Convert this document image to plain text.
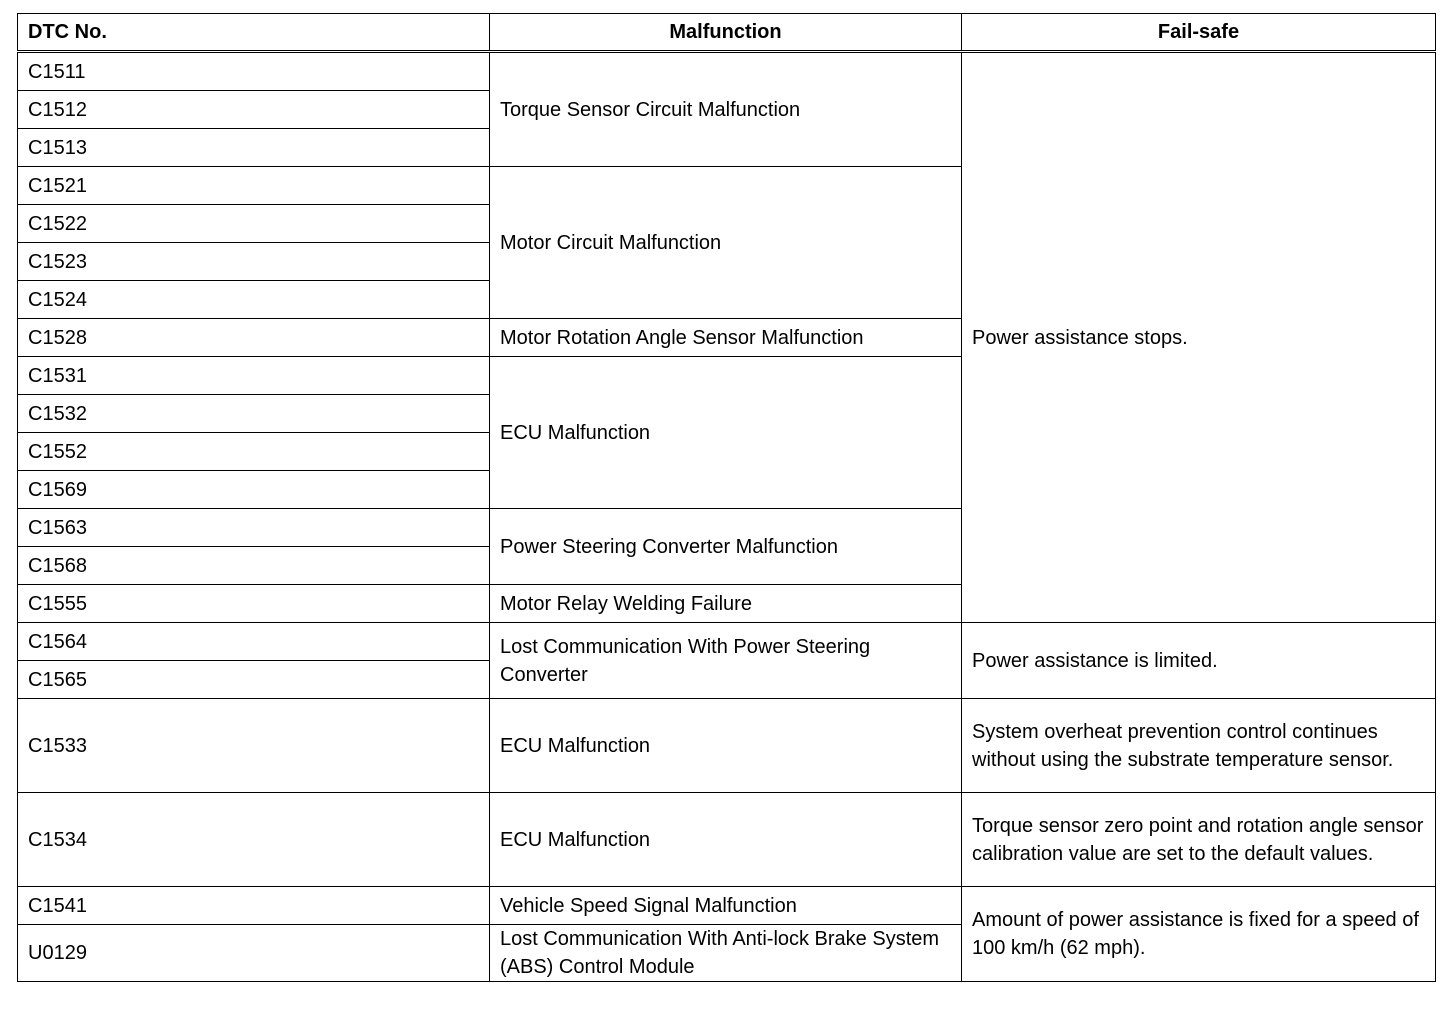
DTC No.	Malfunction	Fail-safe
C1511	Torque Sensor Circuit Malfunction	Power assistance stops.
C1512		
C1513		
C1521	Motor Circuit Malfunction	
C1522		
C1523		
C1524		
C1528	Motor Rotation Angle Sensor Malfunction	
C1531	ECU Malfunction	
C1532		
C1552		
C1569		
C1563	Power Steering Converter Malfunction	
C1568		
C1555	Motor Relay Welding Failure	
C1564	Lost Communication With Power Steering Converter	Power assistance is limited.
C1565		
C1533	ECU Malfunction	System overheat prevention control continues without using the substrate temperature sensor.
C1534	ECU Malfunction	Torque sensor zero point and rotation angle sensor calibration value are set to the default values.
C1541	Vehicle Speed Signal Malfunction	Amount of power assistance is fixed for a speed of 100 km/h (62 mph).
U0129	Lost Communication With Anti-lock Brake System (ABS) Control Module	
